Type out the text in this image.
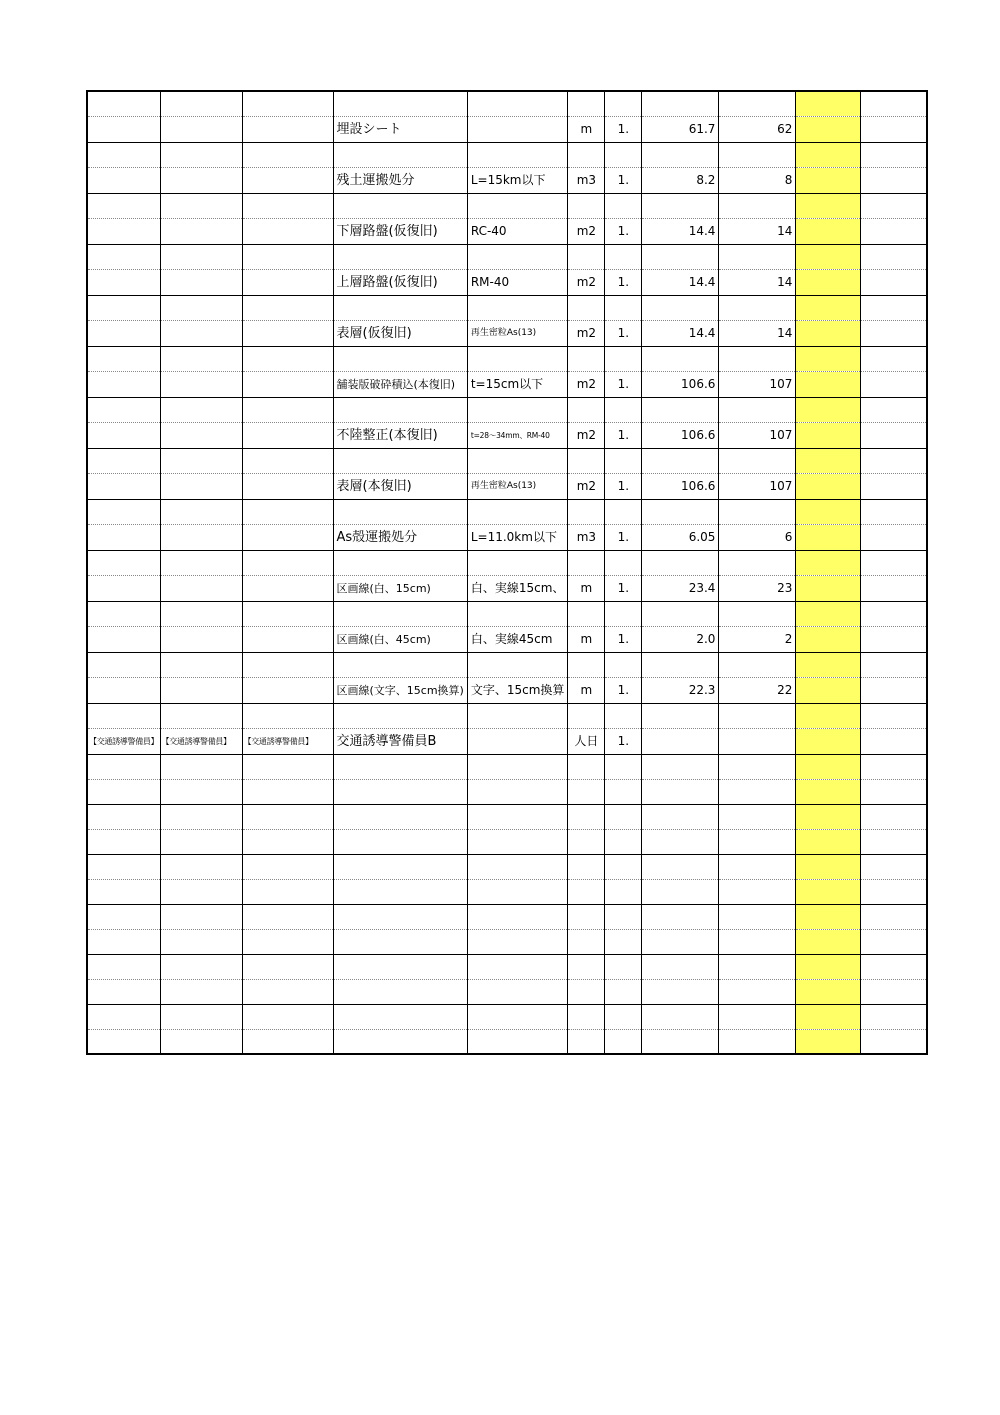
			埋設シート		m	1.	61.7	62		

			残土運搬処分	L=15km以下	m3	1.	8.2	8		

			下層路盤(仮復旧)	RC-40	m2	1.	14.4	14		

			上層路盤(仮復旧)	RM-40	m2	1.	14.4	14		

			表層(仮復旧)	再生密粒As(13)	m2	1.	14.4	14		

			舗装版破砕積込(本復旧)	t=15cm以下	m2	1.	106.6	107		

			不陸整正(本復旧)	t=28～34mm、RM-40	m2	1.	106.6	107		

			表層(本復旧)	再生密粒As(13)	m2	1.	106.6	107		

			As殻運搬処分	L=11.0km以下	m3	1.	6.05	6		

			区画線(白、15cm)	白、実線15cm、	m	1.	23.4	23		

			区画線(白、45cm)	白、実線45cm	m	1.	2.0	2		

			区画線(文字、15cm換算)	文字、15cm換算	m	1.	22.3	22		

【交通誘導警備員】	【交通誘導警備員】	【交通誘導警備員】	交通誘導警備員B		人日	1.				
